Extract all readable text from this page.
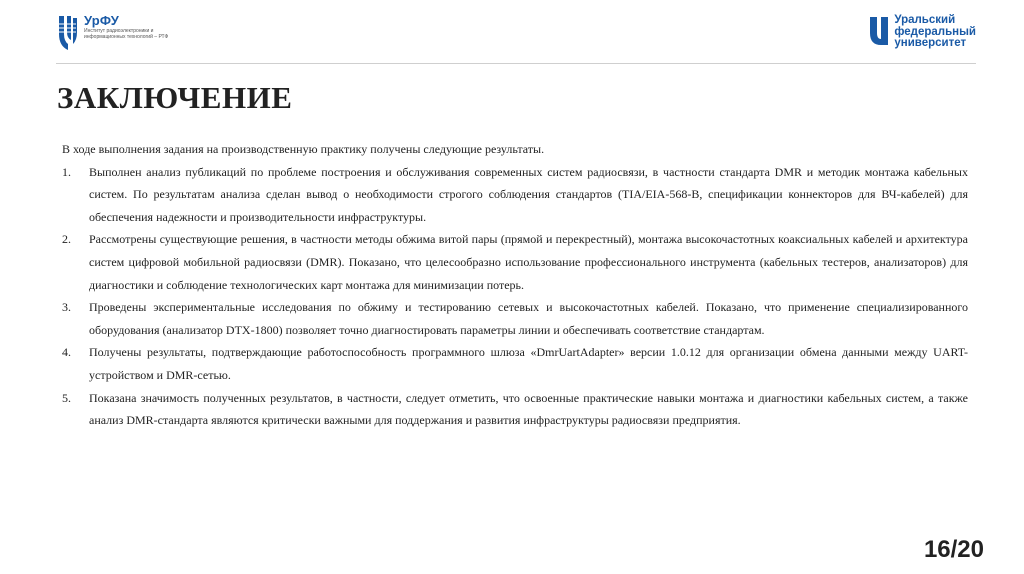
УрФУ
Институт радиоэлектроники и информационных технологий – РТФ
Уральский
федеральный
университет
ЗАКЛЮЧЕНИЕ

В ходе выполнения задания на производственную практику получены следующие результаты.

1.	Выполнен анализ публикаций по проблеме построения и обслуживания современных систем радиосвязи, в частности стандарта DMR и методик монтажа кабельных систем. По результатам анализа сделан вывод о необходимости строгого соблюдения стандартов (TIA/EIA-568-B, спецификации коннекторов для ВЧ-кабелей) для обеспечения надежности и производительности инфраструктуры.
2.	Рассмотрены существующие решения, в частности методы обжима витой пары (прямой и перекрестный), монтажа высокочастотных коаксиальных кабелей и архитектура систем цифровой мобильной радиосвязи (DMR). Показано, что целесообразно использование профессионального инструмента (кабельных тестеров, анализаторов) для диагностики и соблюдение технологических карт монтажа для минимизации потерь.
3.	Проведены экспериментальные исследования по обжиму и тестированию сетевых и высокочастотных кабелей. Показано, что применение специализированного оборудования (анализатор DTX-1800) позволяет точно диагностировать параметры линии и обеспечивать соответствие стандартам.
4.	Получены результаты, подтверждающие работоспособность программного шлюза «DmrUartAdapter» версии 1.0.12 для организации обмена данными между UART-устройством и DMR-сетью.
5.	Показана значимость полученных результатов, в частности, следует отметить, что освоенные практические навыки монтажа и диагностики кабельных систем, а также анализ DMR-стандарта являются критически важными для поддержания и развития инфраструктуры радиосвязи предприятия.
16/20
